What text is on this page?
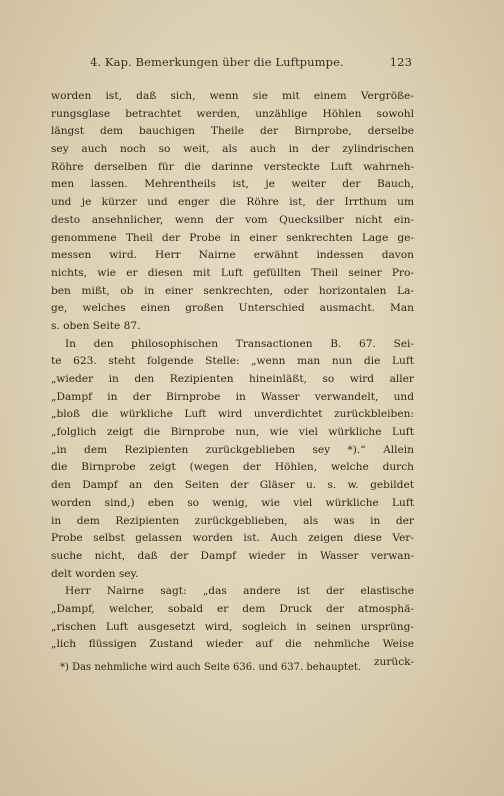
4. Kap. Bemerkungen über die Luftpumpe.	123
worden ist, daß sich, wenn sie mit einem Vergröße-
rungsglase betrachtet werden, unzählige Höhlen sowohl
längst dem bauchigen Theile der Birnprobe, derselbe
sey auch noch so weit, als auch in der zylindrischen
Röhre derselben für die darinne versteckte Luft wahrneh-
men lassen. Mehrentheils ist, je weiter der Bauch,
und je kürzer und enger die Röhre ist, der Irrthum um
desto ansehnlicher, wenn der vom Quecksilber nicht ein-
genommene Theil der Probe in einer senkrechten Lage ge-
messen wird. Herr Nairne erwähnt indessen davon
nichts, wie er diesen mit Luft gefüllten Theil seiner Pro-
ben mißt, ob in einer senkrechten, oder horizontalen La-
ge, welches einen großen Unterschied ausmacht. Man
s. oben Seite 87.
In den philosophischen Transactionen B. 67. Sei-
te 623. steht folgende Stelle: „wenn man nun die Luft
„wieder in den Rezipienten hineinläßt, so wird aller
„Dampf in der Birnprobe in Wasser verwandelt, und
„bloß die würkliche Luft wird unverdichtet zurückbleiben:
„folglich zeigt die Birnprobe nun, wie viel würkliche Luft
„in dem Rezipienten zurückgeblieben sey *).“ Allein
die Birnprobe zeigt (wegen der Höhlen, welche durch
den Dampf an den Seiten der Gläser u. s. w. gebildet
worden sind,) eben so wenig, wie viel würkliche Luft
in dem Rezipienten zurückgeblieben, als was in der
Probe selbst gelassen worden ist. Auch zeigen diese Ver-
suche nicht, daß der Dampf wieder in Wasser verwan-
delt worden sey.
Herr Nairne sagt: „das andere ist der elastische
„Dampf, welcher, sobald er dem Druck der atmosphä-
„rischen Luft ausgesetzt wird, sogleich in seinen ursprüng-
„lich flüssigen Zustand wieder auf die nehmliche Weise
zurück-
*) Das nehmliche wird auch Seite 636. und 637. behauptet.
